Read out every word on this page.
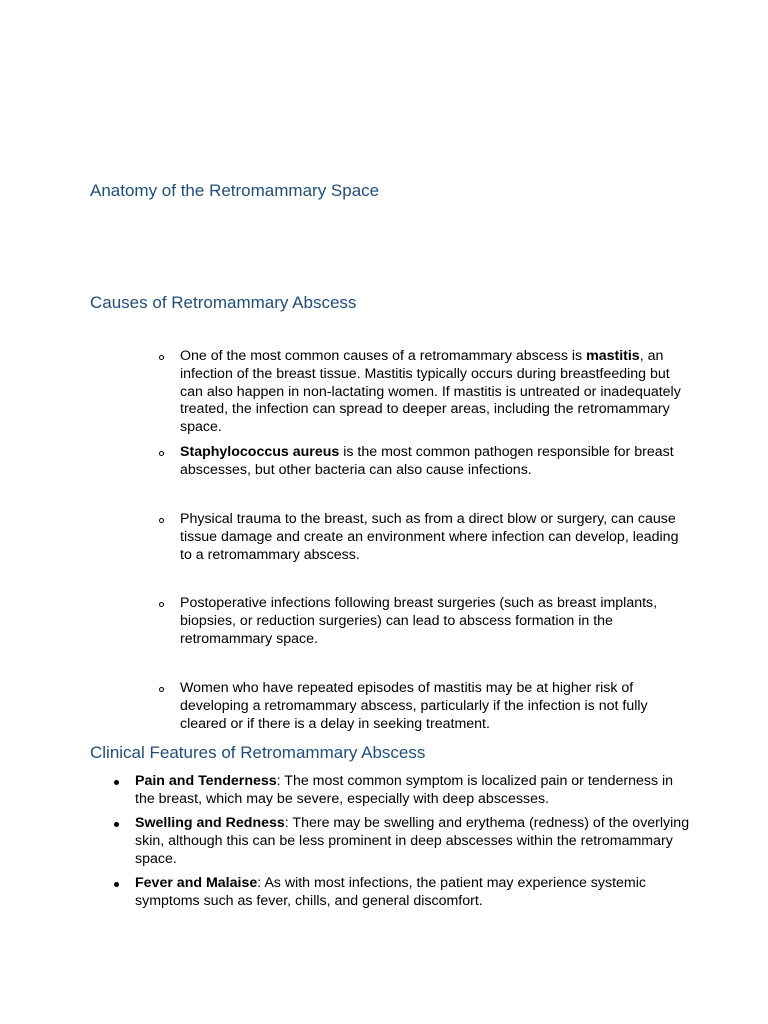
Anatomy of the Retromammary Space
Causes of Retromammary Abscess
One of the most common causes of a retromammary abscess is mastitis, an infection of the breast tissue. Mastitis typically occurs during breastfeeding but can also happen in non-lactating women. If mastitis is untreated or inadequately treated, the infection can spread to deeper areas, including the retromammary space.
Staphylococcus aureus is the most common pathogen responsible for breast abscesses, but other bacteria can also cause infections.
Physical trauma to the breast, such as from a direct blow or surgery, can cause tissue damage and create an environment where infection can develop, leading to a retromammary abscess.
Postoperative infections following breast surgeries (such as breast implants, biopsies, or reduction surgeries) can lead to abscess formation in the retromammary space.
Women who have repeated episodes of mastitis may be at higher risk of developing a retromammary abscess, particularly if the infection is not fully cleared or if there is a delay in seeking treatment.
Clinical Features of Retromammary Abscess
Pain and Tenderness: The most common symptom is localized pain or tenderness in the breast, which may be severe, especially with deep abscesses.
Swelling and Redness: There may be swelling and erythema (redness) of the overlying skin, although this can be less prominent in deep abscesses within the retromammary space.
Fever and Malaise: As with most infections, the patient may experience systemic symptoms such as fever, chills, and general discomfort.
